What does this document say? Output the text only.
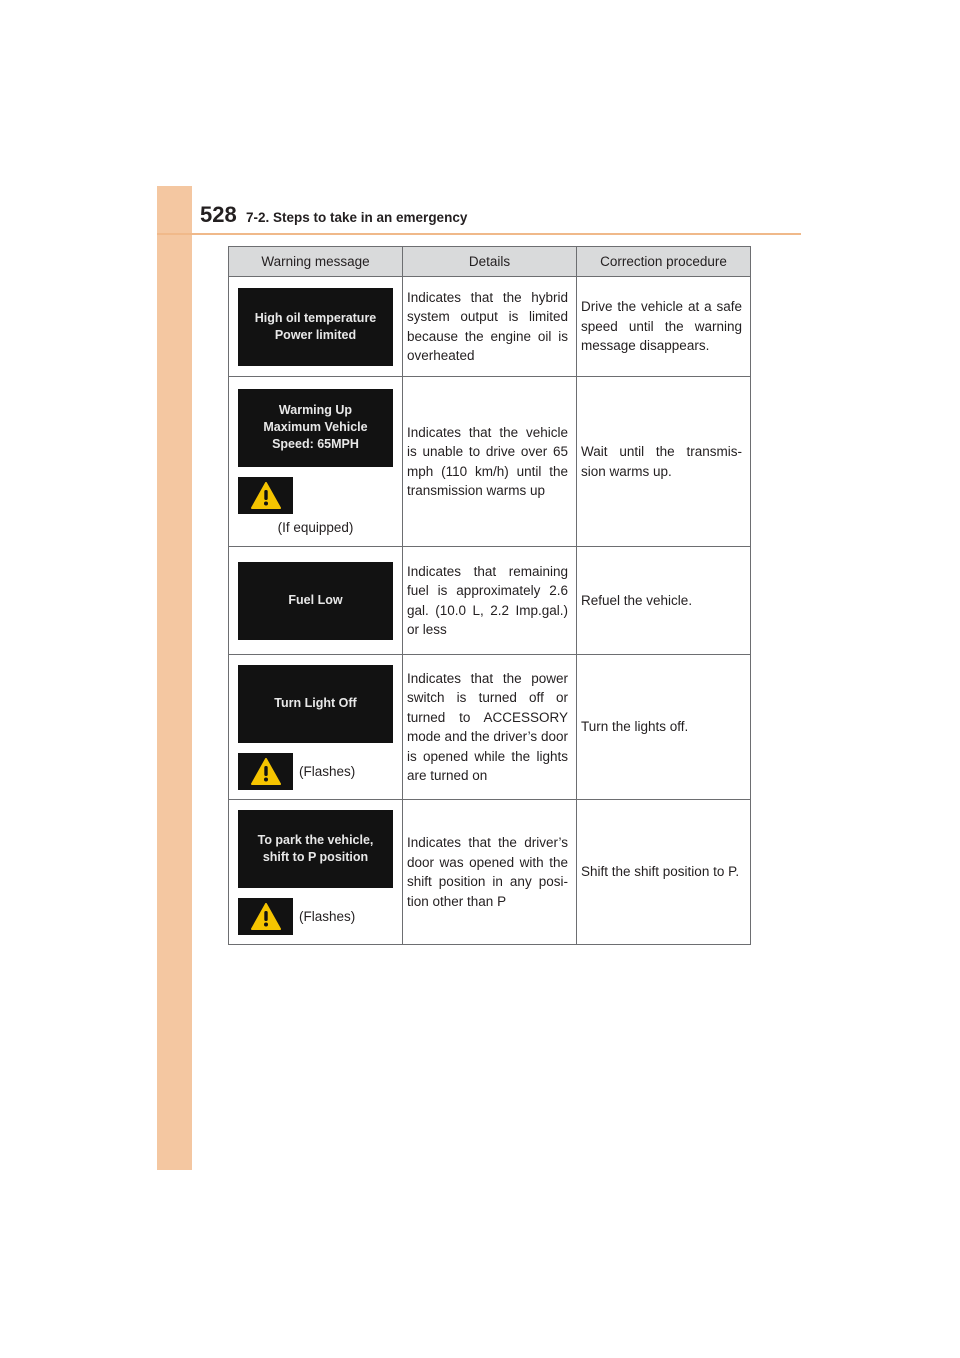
528 7-2. Steps to take in an emergency
Warning message	Details	Correction procedure

High oil temperature
Power limited	Indicates that the hybrid system output is limited because the engine oil is overheated	Drive the vehicle at a safe speed until the warning message disappears.

Warming Up
Maximum Vehicle
Speed: 65MPH
(If equipped)	Indicates that the vehicle is unable to drive over 65 mph (110 km/h) until the transmission warms up	Wait until the transmis-sion warms up.

Fuel Low	Indicates that remaining fuel is approximately 2.6 gal. (10.0 L, 2.2 Imp.gal.) or less	Refuel the vehicle.

Turn Light Off
(Flashes)	Indicates that the power switch is turned off or turned to ACCESSORY mode and the driver’s door is opened while the lights are turned on	Turn the lights off.

To park the vehicle,
shift to P position
(Flashes)	Indicates that the driver’s door was opened with the shift position in any posi-tion other than P	Shift the shift position to P.
